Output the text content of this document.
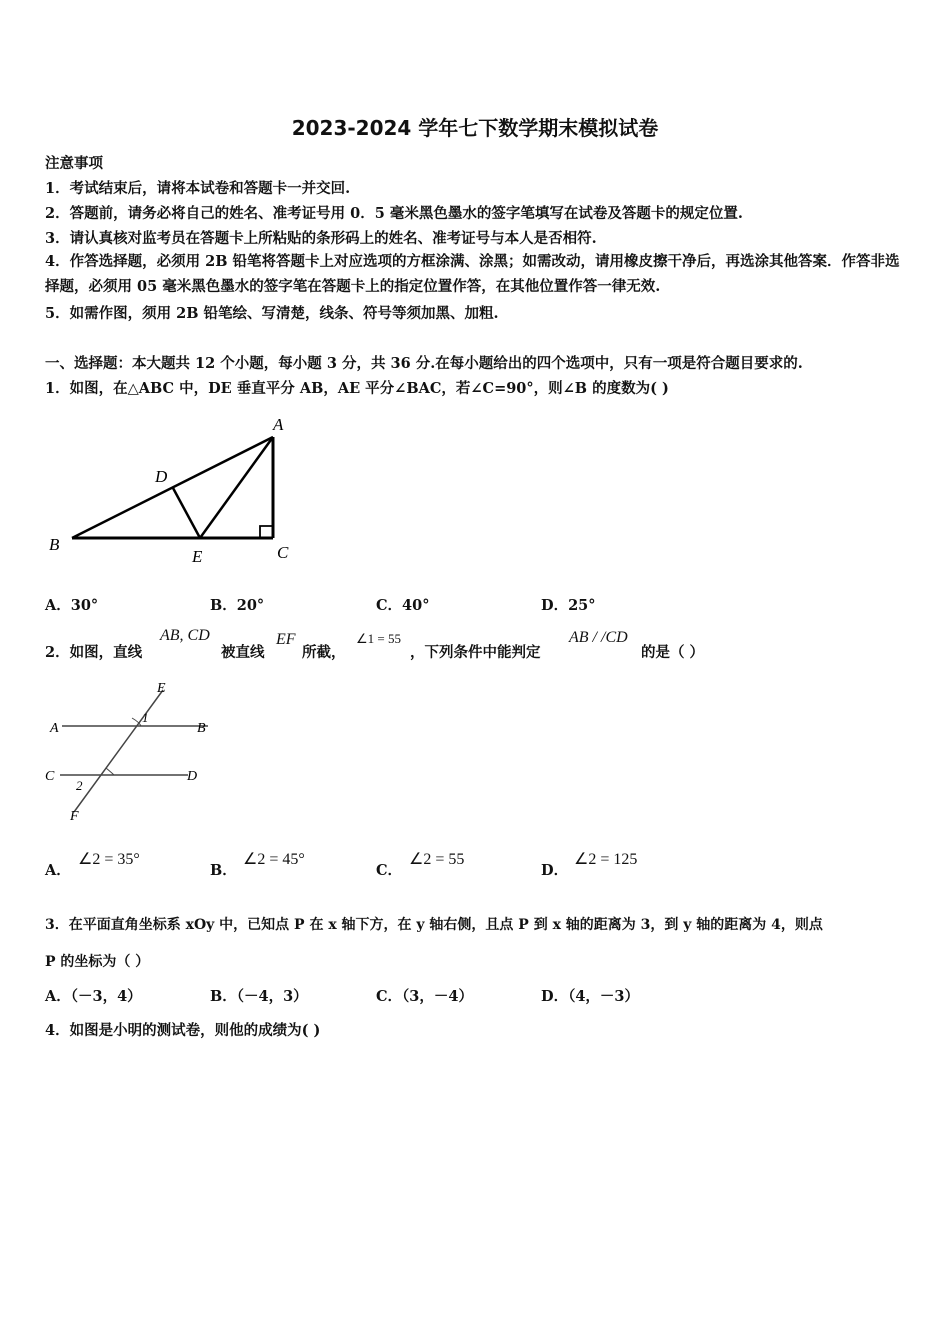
2023-2024 学年七下数学期末模拟试卷
注意事项
1．考试结束后，请将本试卷和答题卡一并交回.
2．答题前，请务必将自己的姓名、准考证号用 0．5 毫米黑色墨水的签字笔填写在试卷及答题卡的规定位置.
3．请认真核对监考员在答题卡上所粘贴的条形码上的姓名、准考证号与本人是否相符.
4．作答选择题，必须用 2B 铅笔将答题卡上对应选项的方框涂满、涂黑；如需改动，请用橡皮擦干净后，再选涂其他答案．作答非选择题，必须用 05 毫米黑色墨水的签字笔在答题卡上的指定位置作答，在其他位置作答一律无效.
5．如需作图，须用 2B 铅笔绘、写清楚，线条、符号等须加黑、加粗.
一、选择题：本大题共 12 个小题，每小题 3 分，共 36 分.在每小题给出的四个选项中，只有一项是符合题目要求的.
1．如图，在△ABC 中，DE 垂直平分 AB，AE 平分∠BAC，若∠C=90°，则∠B 的度数为( )
A
B	C
D
E
A．30°	B．20°	C．40°	D．25°
2．如图，直线
AB, CD
被直线
EF
所截，
∠1 = 55
，下列条件中能判定
AB / /CD
的是（ ）
E
A	B
C	D
F
1
2
A．
∠2 = 35°
B．
∠2 = 45°
C．
∠2 = 55
D．
∠2 = 125
3．在平面直角坐标系 xOy 中，已知点 P 在 x 轴下方，在 y 轴右侧，且点 P 到 x 轴的距离为 3，到 y 轴的距离为 4，则点
P 的坐标为（ ）
A．（－3，4）	B．（－4，3）	C．（3，－4）	D．（4，－3）
4．如图是小明的测试卷，则他的成绩为( )
